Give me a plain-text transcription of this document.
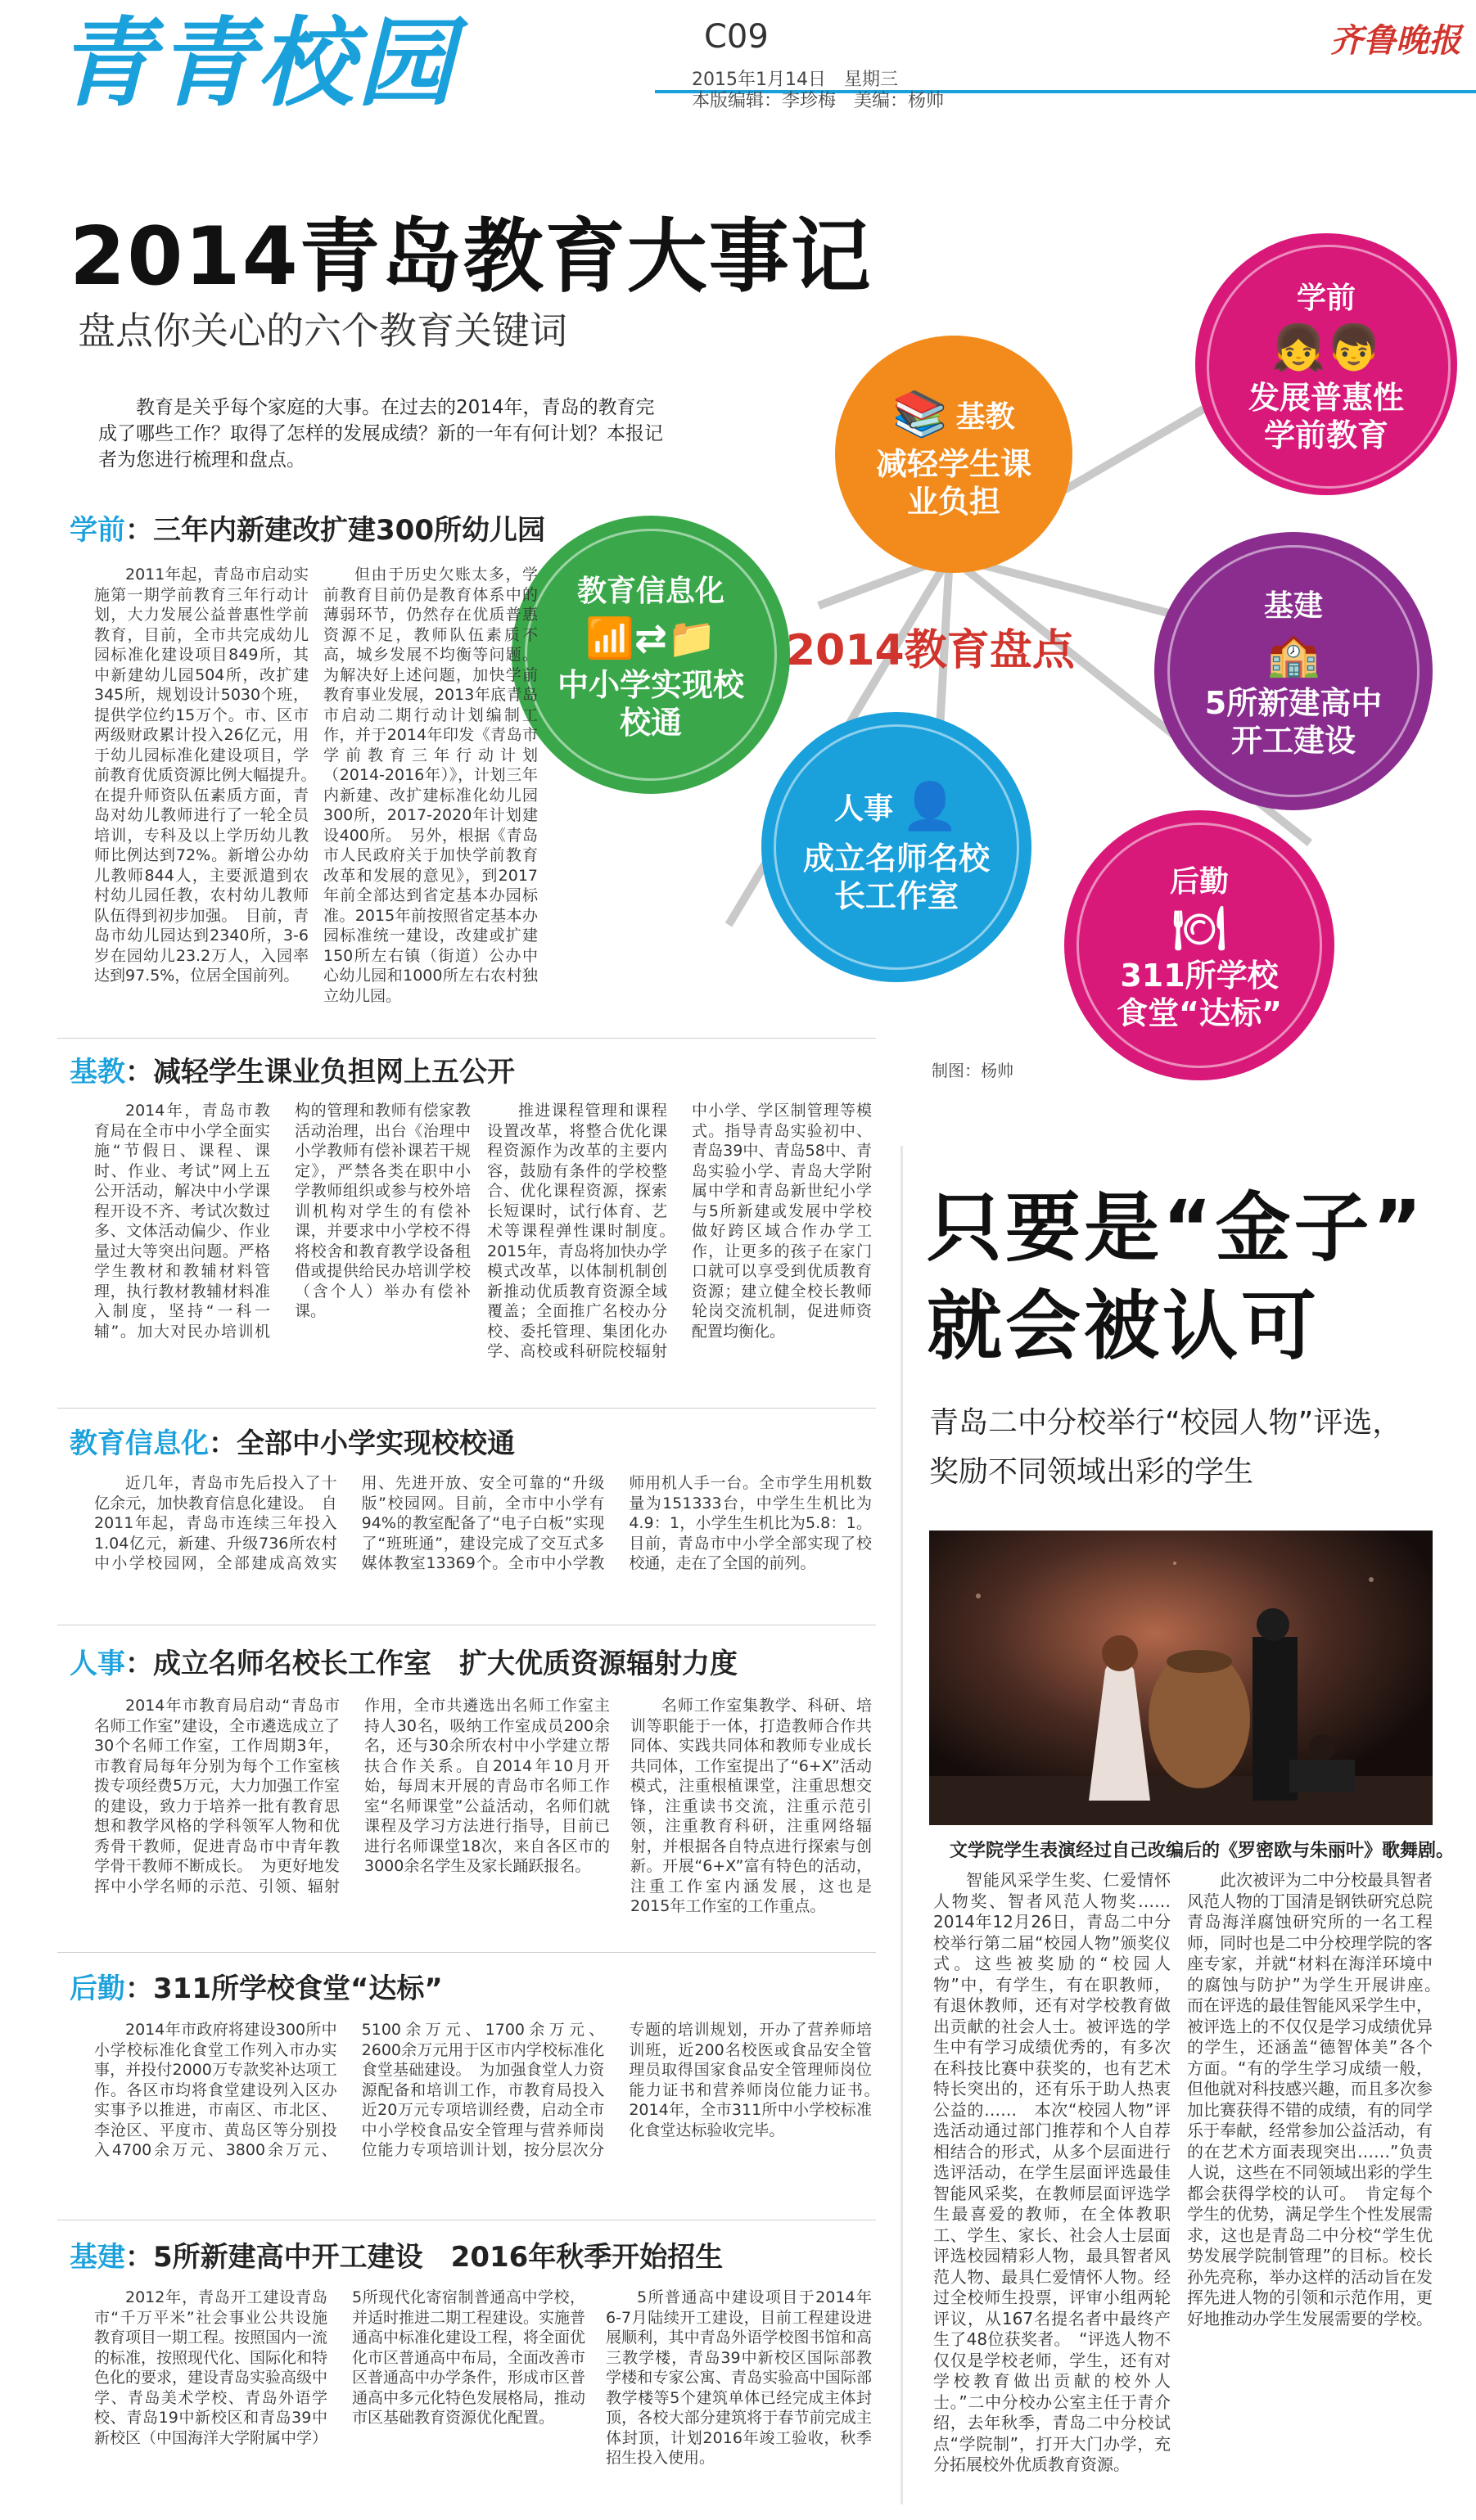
青青校园	C09
2015年1月14日　星期三
本版编辑：李珍梅　美编：杨帅
齐鲁晚报
2014青岛教育大事记
盘点你关心的六个教育关键词
教育是关乎每个家庭的大事。在过去的2014年，青岛的教育完成了哪些工作？取得了怎样的发展成绩？新的一年有何计划？本报记者为您进行梳理和盘点。
学前
👧👦
发展普惠性学前教育
📚 基教
减轻学生课业负担
教育信息化
📶⇄📁
中小学实现校校通
2014教育盘点
基建
🏫
5所新建高中开工建设
人事 👤
成立名师名校长工作室	后勤
🍽
311所学校食堂“达标”
制图：杨帅
学前：三年内新建改扩建300所幼儿园
2011年起，青岛市启动实施第一期学前教育三年行动计划，大力发展公益普惠性学前教育，目前，全市共完成幼儿园标准化建设项目849所，其中新建幼儿园504所，改扩建345所，规划设计5030个班，提供学位约15万个。市、区市两级财政累计投入26亿元，用于幼儿园标准化建设项目，学前教育优质资源比例大幅提升。　在提升师资队伍素质方面，青岛对幼儿教师进行了一轮全员培训，专科及以上学历幼儿教师比例达到72%。新增公办幼儿教师844人，主要派遣到农村幼儿园任教，农村幼儿教师队伍得到初步加强。　目前，青岛市幼儿园达到2340所，3-6岁在园幼儿23.2万人，入园率达到97.5%，位居全国前列。
但由于历史欠账太多，学前教育目前仍是教育体系中的薄弱环节，仍然存在优质普惠资源不足，教师队伍素质不高，城乡发展不均衡等问题。为解决好上述问题，加快学前教育事业发展，2013年底青岛市启动二期行动计划编制工作，并于2014年印发《青岛市学前教育三年行动计划（2014-2016年）》，计划三年内新建、改扩建标准化幼儿园300所，2017-2020年计划建设400所。　另外，根据《青岛市人民政府关于加快学前教育改革和发展的意见》，到2017年前全部达到省定基本办园标准。2015年前按照省定基本办园标准统一建设，改建或扩建150所左右镇（街道）公办中心幼儿园和1000所左右农村独立幼儿园。
基教：减轻学生课业负担网上五公开
2014年，青岛市教育局在全市中小学全面实施“节假日、课程、课时、作业、考试”网上五公开活动，解决中小学课程开设不齐、考试次数过多、文体活动偏少、作业量过大等突出问题。严格学生教材和教辅材料管理，执行教材教辅材料准入制度，坚持“一科一辅”。加大对民办培训机构的管理和教师有偿家教活动治理，出台《治理中小学教师有偿补课若干规定》，严禁各类在职中小学教师组织或参与校外培训机构对学生的有偿补课，并要求中小学校不得将校舍和教育教学设备租借或提供给民办培训学校（含个人）举办有偿补课。
推进课程管理和课程设置改革，将整合优化课程资源作为改革的主要内容，鼓励有条件的学校整合、优化课程资源，探索长短课时，试行体育、艺术等课程弹性课时制度。　2015年，青岛将加快办学模式改革，以体制机制创新推动优质教育资源全域覆盖；全面推广名校办分校、委托管理、集团化办学、高校或科研院校辐射中小学、学区制管理等模式。指导青岛实验初中、青岛39中、青岛58中、青岛实验小学、青岛大学附属中学和青岛新世纪小学与5所新建或发展中学校做好跨区域合作办学工作，让更多的孩子在家门口就可以享受到优质教育资源；建立健全校长教师轮岗交流机制，促进师资配置均衡化。
教育信息化：全部中小学实现校校通
近几年，青岛市先后投入了十亿余元，加快教育信息化建设。　自2011年起，青岛市连续三年投入1.04亿元，新建、升级736所农村中小学校园网，全部建成高效实用、先进开放、安全可靠的“升级版”校园网。目前，全市中小学有94%的教室配备了“电子白板”实现了“班班通”，建设完成了交互式多媒体教室13369个。全市中小学教师用机人手一台。全市学生用机数量为151333台，中学生生机比为4.9：1，小学生生机比为5.8：1。目前，青岛市中小学全部实现了校校通，走在了全国的前列。
人事：成立名师名校长工作室　扩大优质资源辐射力度
2014年市教育局启动“青岛市名师工作室”建设，全市遴选成立了30个名师工作室，工作周期3年，市教育局每年分别为每个工作室核拨专项经费5万元，大力加强工作室的建设，致力于培养一批有教育思想和教学风格的学科领军人物和优秀骨干教师，促进青岛市中青年教学骨干教师不断成长。　为更好地发挥中小学名师的示范、引领、辐射作用，全市共遴选出名师工作室主持人30名，吸纳工作室成员200余名，还与30余所农村中小学建立帮扶合作关系。自2014年10月开始，每周末开展的青岛市名师工作室“名师课堂”公益活动，名师们就课程及学习方法进行指导，目前已进行名师课堂18次，来自各区市的3000余名学生及家长踊跃报名。
名师工作室集教学、科研、培训等职能于一体，打造教师合作共同体、实践共同体和教师专业成长共同体，工作室提出了“6+X”活动模式，注重根植课堂，注重思想交锋，注重读书交流，注重示范引领，注重教育科研，注重网络辐射，并根据各自特点进行探索与创新。开展“6+X”富有特色的活动，注重工作室内涵发展，这也是2015年工作室的工作重点。
后勤：311所学校食堂“达标”
2014年市政府将建设300所中小学校标准化食堂工作列入市办实事，并投付2000万专款奖补达项工作。各区市均将食堂建设列入区办实事予以推进，市南区、市北区、李沧区、平度市、黄岛区等分别投入4700余万元、3800余万元、5100余万元、1700余万元、2600余万元用于区市内学校标准化食堂基础建设。　为加强食堂人力资源配备和培训工作，市教育局投入近20万元专项培训经费，启动全市中小学校食品安全管理与营养师岗位能力专项培训计划，按分层次分专题的培训规划，开办了营养师培训班，近200名校医或食品安全管理员取得国家食品安全管理师岗位能力证书和营养师岗位能力证书。　2014年，全市311所中小学校标准化食堂达标验收完毕。
基建：5所新建高中开工建设　2016年秋季开始招生
2012年，青岛开工建设青岛市“千万平米”社会事业公共设施教育项目一期工程。按照国内一流的标准，按照现代化、国际化和特色化的要求，建设青岛实验高级中学、青岛美术学校、青岛外语学校、青岛19中新校区和青岛39中新校区（中国海洋大学附属中学）5所现代化寄宿制普通高中学校，并适时推进二期工程建设。实施普通高中标准化建设工程，将全面优化市区普通高中布局，全面改善市区普通高中办学条件，形成市区普通高中多元化特色发展格局，推动市区基础教育资源优化配置。
5所普通高中建设项目于2014年6-7月陆续开工建设，目前工程建设进展顺利，其中青岛外语学校图书馆和高三教学楼，青岛39中新校区国际部教学楼和专家公寓、青岛实验高中国际部教学楼等5个建筑单体已经完成主体封顶，各校大部分建筑将于春节前完成主体封顶，计划2016年竣工验收，秋季招生投入使用。
只要是“金子”
就会被认可
青岛二中分校举行“校园人物”评选，
奖励不同领域出彩的学生
文学院学生表演经过自己改编后的《罗密欧与朱丽叶》歌舞剧。
智能风采学生奖、仁爱情怀人物奖、智者风范人物奖……2014年12月26日，青岛二中分校举行第二届“校园人物”颁奖仪式。这些被奖励的“校园人物”中，有学生，有在职教师，有退休教师，还有对学校教育做出贡献的社会人士。被评选的学生中有学习成绩优秀的，有多次在科技比赛中获奖的，也有艺术特长突出的，还有乐于助人热衷公益的……　本次“校园人物”评选活动通过部门推荐和个人自荐相结合的形式，从多个层面进行选评活动，在学生层面评选最佳智能风采奖，在教师层面评选学生最喜爱的教师，在全体教职工、学生、家长、社会人士层面评选校园精彩人物，最具智者风范人物、最具仁爱情怀人物。经过全校师生投票，评审小组两轮评议，从167名提名者中最终产生了48位获奖者。　“评选人物不仅仅是学校老师，学生，还有对学校教育做出贡献的校外人士。”二中分校办公室主任于青介绍，去年秋季，青岛二中分校试点“学院制”，打开大门办学，充分拓展校外优质教育资源。
此次被评为二中分校最具智者风范人物的丁国清是钢铁研究总院青岛海洋腐蚀研究所的一名工程师，同时也是二中分校理学院的客座专家，并就“材料在海洋环境中的腐蚀与防护”为学生开展讲座。　而在评选的最佳智能风采学生中，被评选上的不仅仅是学习成绩优异的学生，还涵盖“德智体美”各个方面。“有的学生学习成绩一般，但他就对科技感兴趣，而且多次参加比赛获得不错的成绩，有的同学乐于奉献，经常参加公益活动，有的在艺术方面表现突出……”负责人说，这些在不同领域出彩的学生都会获得学校的认可。　肯定每个学生的优势，满足学生个性发展需求，这也是青岛二中分校“学生优势发展学院制管理”的目标。校长孙先亮称，举办这样的活动旨在发挥先进人物的引领和示范作用，更好地推动办学生发展需要的学校。
